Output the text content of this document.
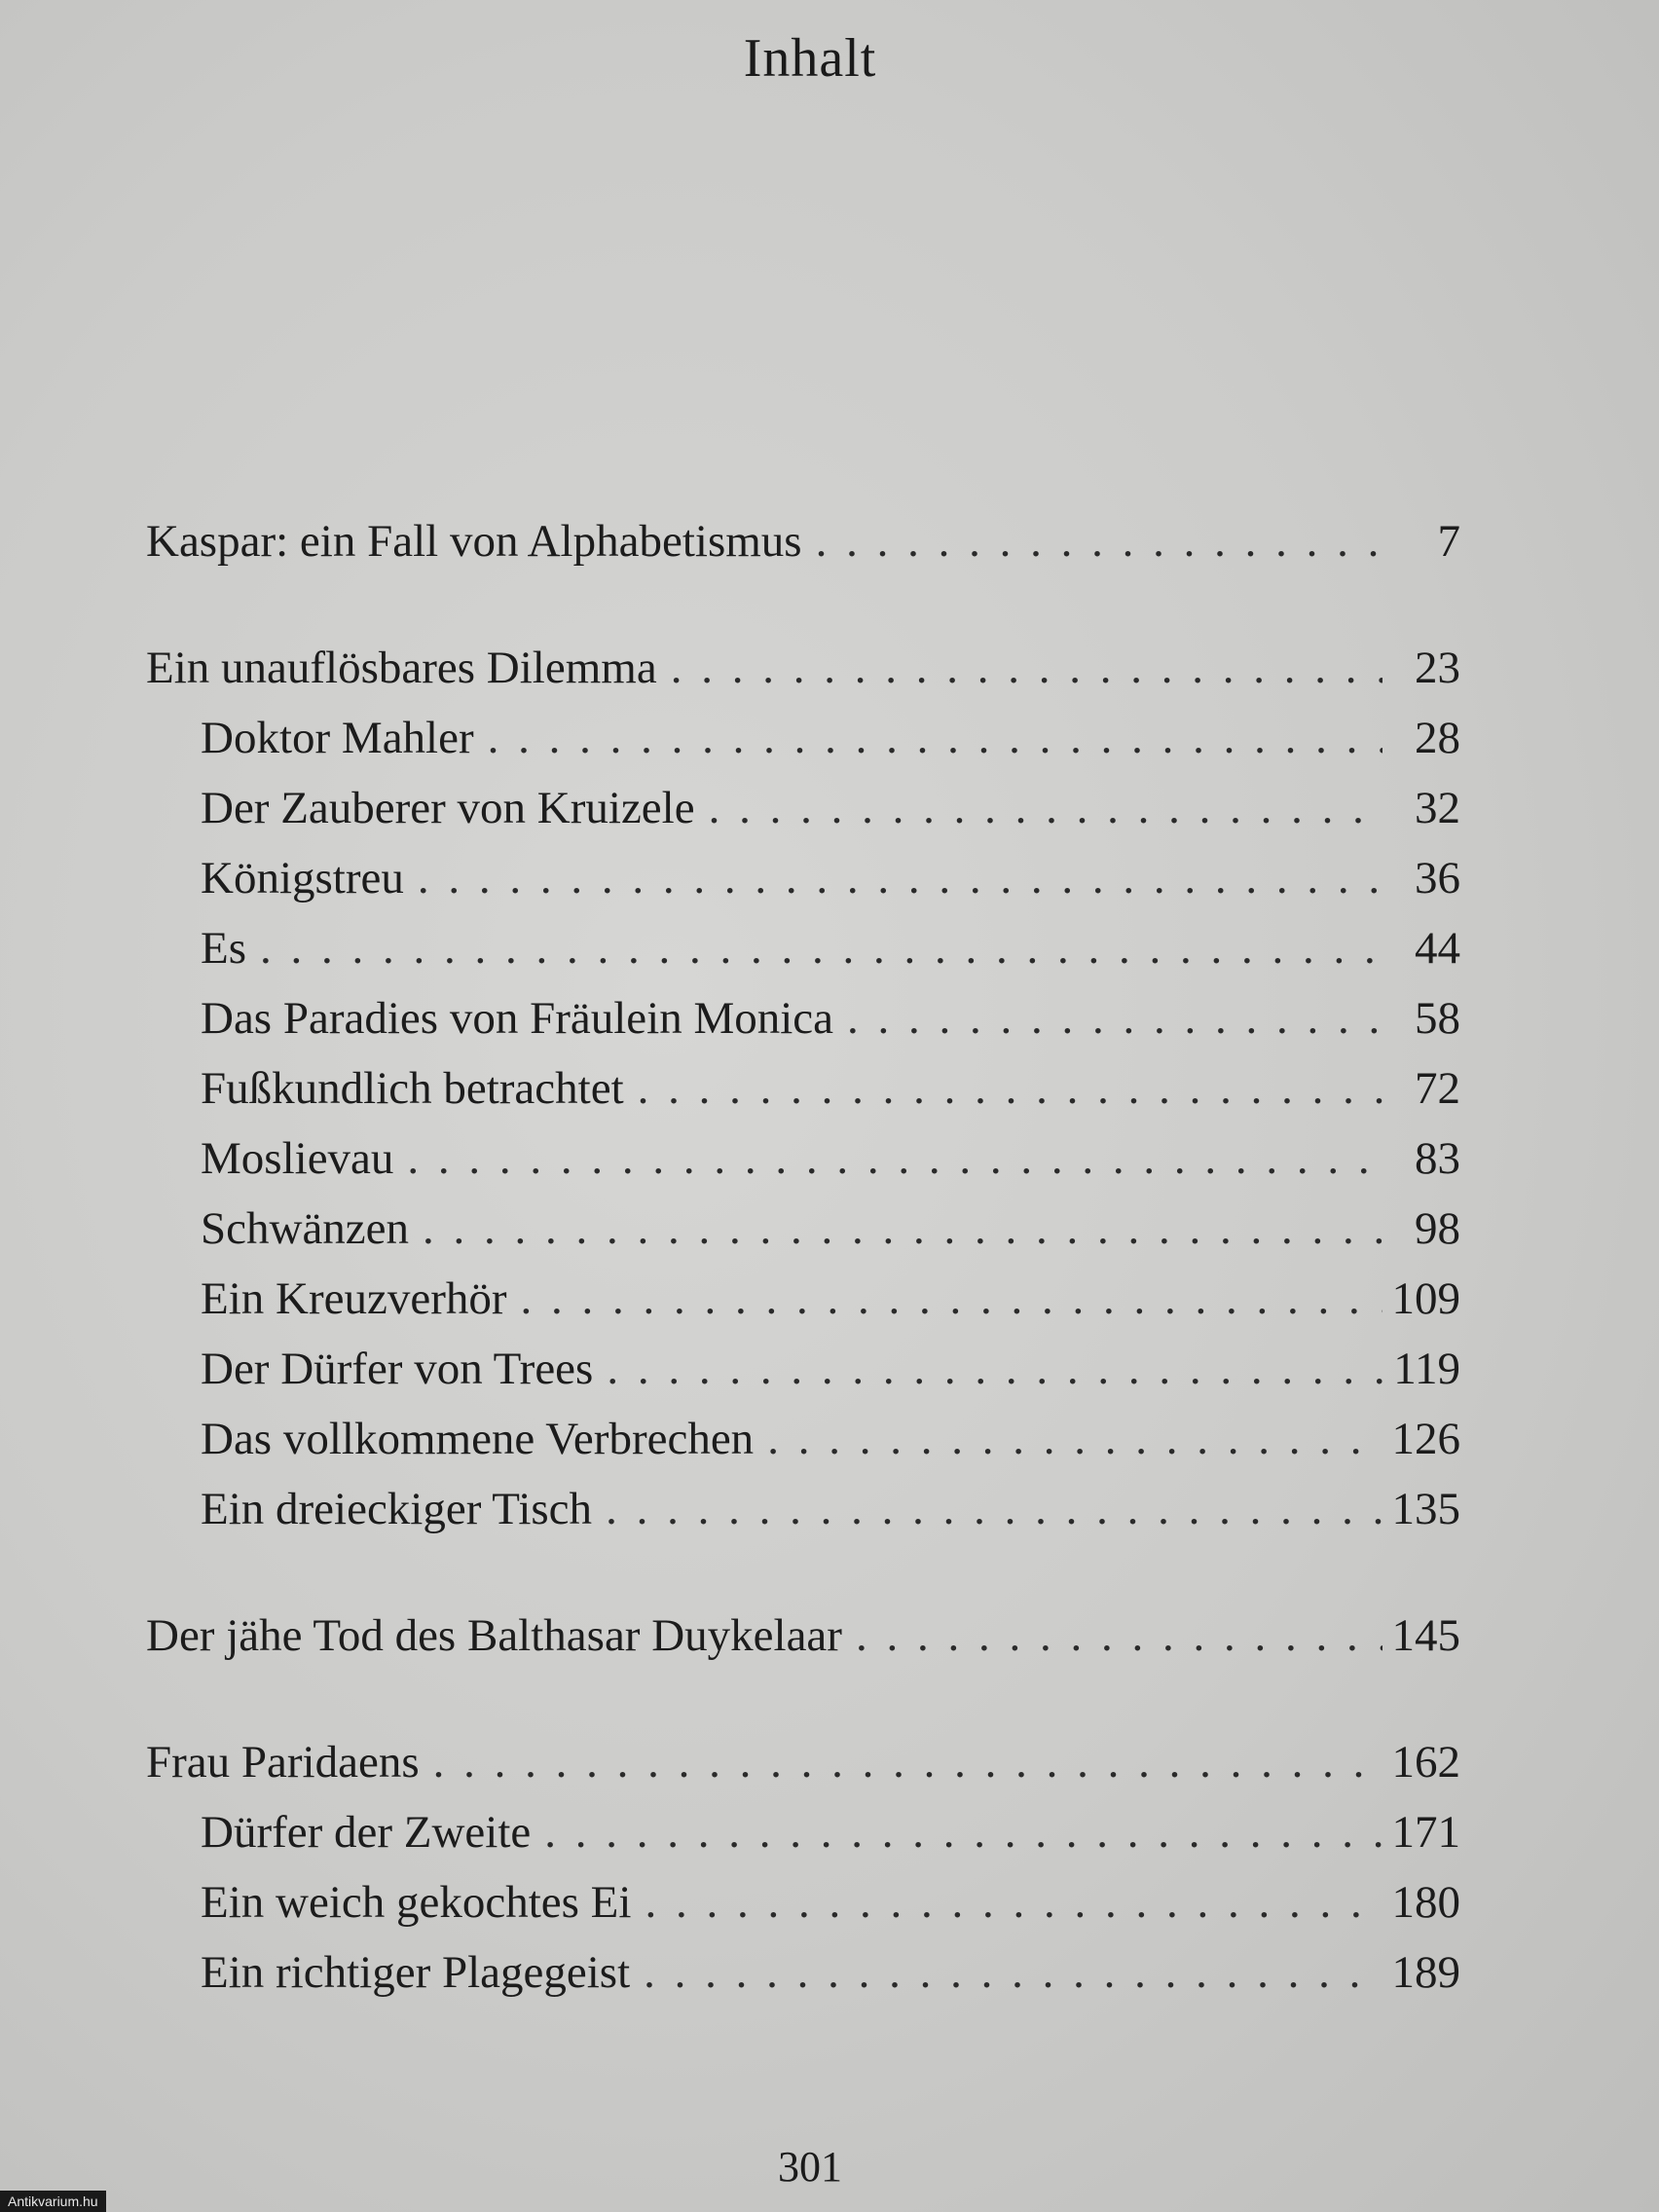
Inhalt
Kaspar: ein Fall von Alphabetismus . . .	7
Ein unauflösbares Dilemma . . .	23
Doktor Mahler . . .	28
Der Zauberer von Kruizele . . .	32
Königstreu . . .	36
Es . . .	44
Das Paradies von Fräulein Monica . . .	58
Fußkundlich betrachtet . . .	72
Moslievau . . .	83
Schwänzen . . .	98
Ein Kreuzverhör . . .	109
Der Dürfer von Trees . . .	119
Das vollkommene Verbrechen . . .	126
Ein dreieckiger Tisch . . .	135
Der jähe Tod des Balthasar Duykelaar . . .	145
Frau Paridaens . . .	162
Dürfer der Zweite . . .	171
Ein weich gekochtes Ei . . .	180
Ein richtiger Plagegeist . . .	189
301
Antikvarium.hu
